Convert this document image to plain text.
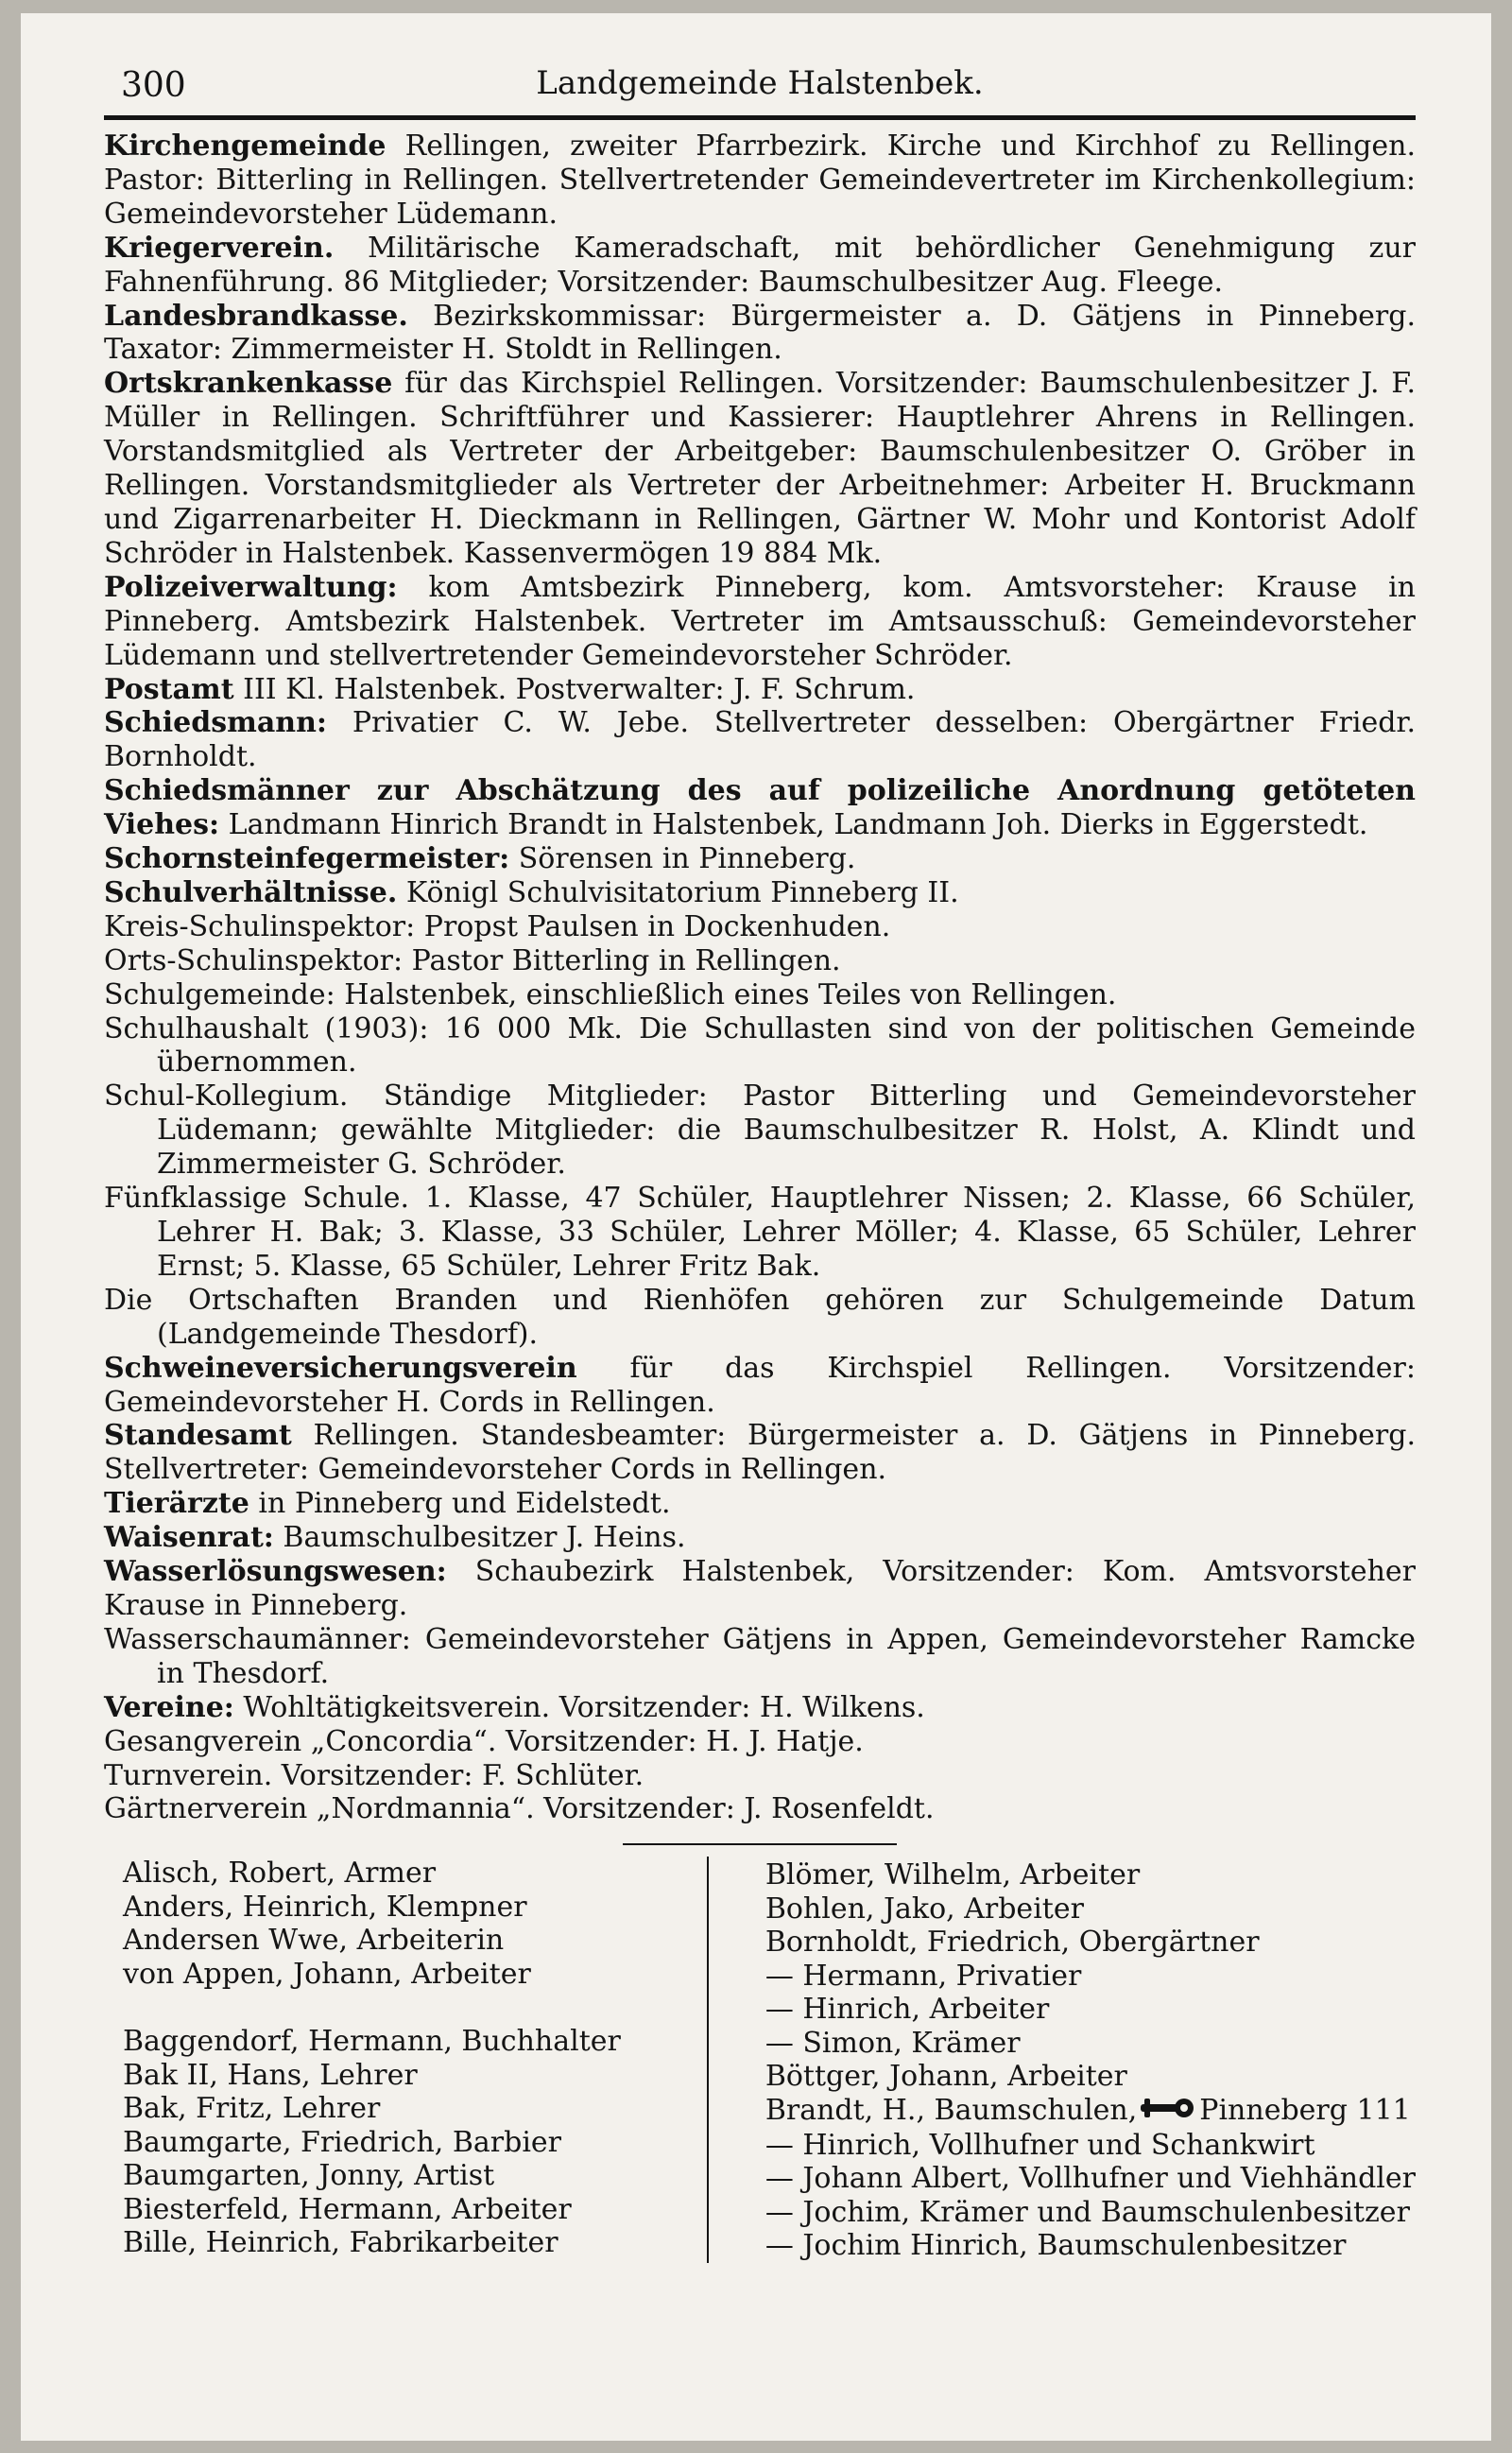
300	Landgemeinde Halstenbek.
Kirchengemeinde Rellingen, zweiter Pfarrbezirk. Kirche und Kirchhof zu Rellingen. Pastor: Bitterling in Rellingen. Stellvertretender Gemeindevertreter im Kirchenkollegium: Gemeindevorsteher Lüdemann.
Kriegerverein. Militärische Kameradschaft, mit behördlicher Genehmigung zur Fahnenführung. 86 Mitglieder; Vorsitzender: Baumschulbesitzer Aug. Fleege.
Landesbrandkasse. Bezirkskommissar: Bürgermeister a. D. Gätjens in Pinneberg. Taxator: Zimmermeister H. Stoldt in Rellingen.
Ortskrankenkasse für das Kirchspiel Rellingen. Vorsitzender: Baumschulenbesitzer J. F. Müller in Rellingen. Schriftführer und Kassierer: Hauptlehrer Ahrens in Rellingen. Vorstandsmitglied als Vertreter der Arbeitgeber: Baumschulenbesitzer O. Gröber in Rellingen. Vorstandsmitglieder als Vertreter der Arbeitnehmer: Arbeiter H. Bruckmann und Zigarrenarbeiter H. Dieckmann in Rellingen, Gärtner W. Mohr und Kontorist Adolf Schröder in Halstenbek. Kassenvermögen 19 884 Mk.
Polizeiverwaltung: kom Amtsbezirk Pinneberg, kom. Amtsvorsteher: Krause in Pinneberg. Amtsbezirk Halstenbek. Vertreter im Amtsausschuß: Gemeindevorsteher Lüdemann und stellvertretender Gemeindevorsteher Schröder.
Postamt III Kl. Halstenbek. Postverwalter: J. F. Schrum.
Schiedsmann: Privatier C. W. Jebe. Stellvertreter desselben: Obergärtner Friedr. Bornholdt.
Schiedsmänner zur Abschätzung des auf polizeiliche Anordnung getöteten Viehes: Landmann Hinrich Brandt in Halstenbek, Landmann Joh. Dierks in Eggerstedt.
Schornsteinfegermeister: Sörensen in Pinneberg.
Schulverhältnisse. Königl Schulvisitatorium Pinneberg II.
Kreis-Schulinspektor: Propst Paulsen in Dockenhuden.
Orts-Schulinspektor: Pastor Bitterling in Rellingen.
Schulgemeinde: Halstenbek, einschließlich eines Teiles von Rellingen.
Schulhaushalt (1903): 16 000 Mk. Die Schullasten sind von der politischen Gemeinde übernommen.
Schul-Kollegium. Ständige Mitglieder: Pastor Bitterling und Gemeindevorsteher Lüdemann; gewählte Mitglieder: die Baumschulbesitzer R. Holst, A. Klindt und Zimmermeister G. Schröder.
Fünfklassige Schule. 1. Klasse, 47 Schüler, Hauptlehrer Nissen; 2. Klasse, 66 Schüler, Lehrer H. Bak; 3. Klasse, 33 Schüler, Lehrer Möller; 4. Klasse, 65 Schüler, Lehrer Ernst; 5. Klasse, 65 Schüler, Lehrer Fritz Bak.
Die Ortschaften Branden und Rienhöfen gehören zur Schulgemeinde Datum (Landgemeinde Thesdorf).
Schweineversicherungsverein für das Kirchspiel Rellingen. Vorsitzender: Gemeindevorsteher H. Cords in Rellingen.
Standesamt Rellingen. Standesbeamter: Bürgermeister a. D. Gätjens in Pinneberg. Stellvertreter: Gemeindevorsteher Cords in Rellingen.
Tierärzte in Pinneberg und Eidelstedt.
Waisenrat: Baumschulbesitzer J. Heins.
Wasserlösungswesen: Schaubezirk Halstenbek, Vorsitzender: Kom. Amtsvorsteher Krause in Pinneberg.
Wasserschaumänner: Gemeindevorsteher Gätjens in Appen, Gemeindevorsteher Ramcke in Thesdorf.
Vereine: Wohltätigkeitsverein. Vorsitzender: H. Wilkens.
Gesangverein „Concordia“. Vorsitzender: H. J. Hatje.
Turnverein. Vorsitzender: F. Schlüter.
Gärtnerverein „Nordmannia“. Vorsitzender: J. Rosenfeldt.
Alisch, Robert, Armer
Anders, Heinrich, Klempner
Andersen Wwe, Arbeiterin
von Appen, Johann, Arbeiter
Baggendorf, Hermann, Buchhalter
Bak II, Hans, Lehrer
Bak, Fritz, Lehrer
Baumgarte, Friedrich, Barbier
Baumgarten, Jonny, Artist
Biesterfeld, Hermann, Arbeiter
Bille, Heinrich, Fabrikarbeiter
Blömer, Wilhelm, Arbeiter
Bohlen, Jako, Arbeiter
Bornholdt, Friedrich, Obergärtner
— Hermann, Privatier
— Hinrich, Arbeiter
— Simon, Krämer
Böttger, Johann, Arbeiter
Brandt, H., Baumschulen, Pinneberg 111
— Hinrich, Vollhufner und Schankwirt
— Johann Albert, Vollhufner und Viehhändler
— Jochim, Krämer und Baumschulenbesitzer
— Jochim Hinrich, Baumschulenbesitzer
